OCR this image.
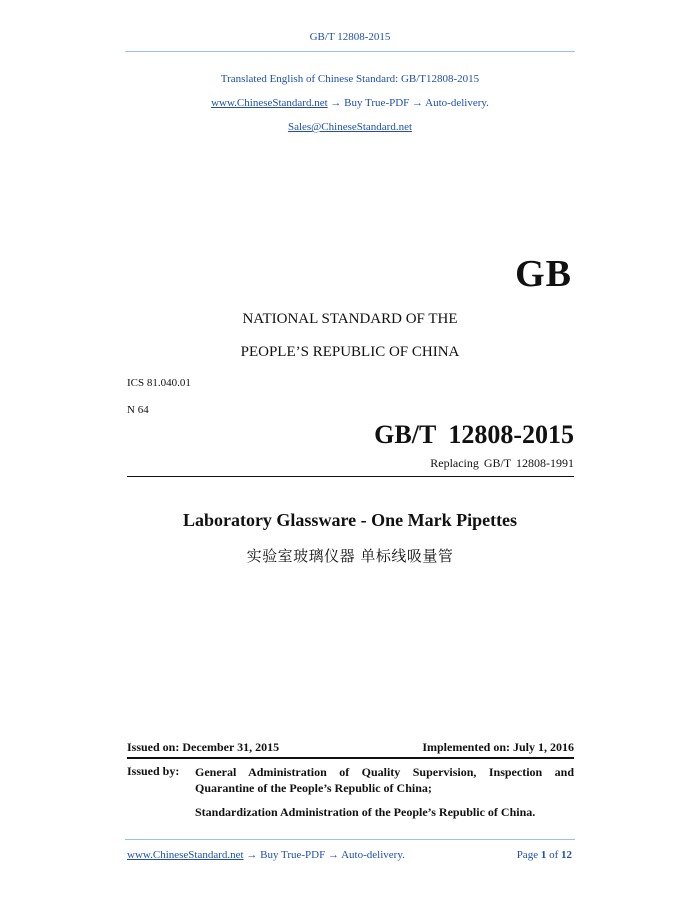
GB/T 12808-2015
Translated English of Chinese Standard: GB/T12808-2015
www.ChineseStandard.net → Buy True-PDF → Auto-delivery.
Sales@ChineseStandard.net
GB
NATIONAL STANDARD OF THE
PEOPLE’S REPUBLIC OF CHINA
ICS 81.040.01
N 64
GB/T 12808-2015
Replacing GB/T 12808-1991
Laboratory Glassware - One Mark Pipettes
实验室玻璃仪器 单标线吸量管
Issued on: December 31, 2015	Implemented on: July 1, 2016
Issued by: General Administration of Quality Supervision, Inspection and Quarantine of the People’s Republic of China;
Standardization Administration of the People’s Republic of China.
www.ChineseStandard.net → Buy True-PDF → Auto-delivery.	Page 1 of 12
